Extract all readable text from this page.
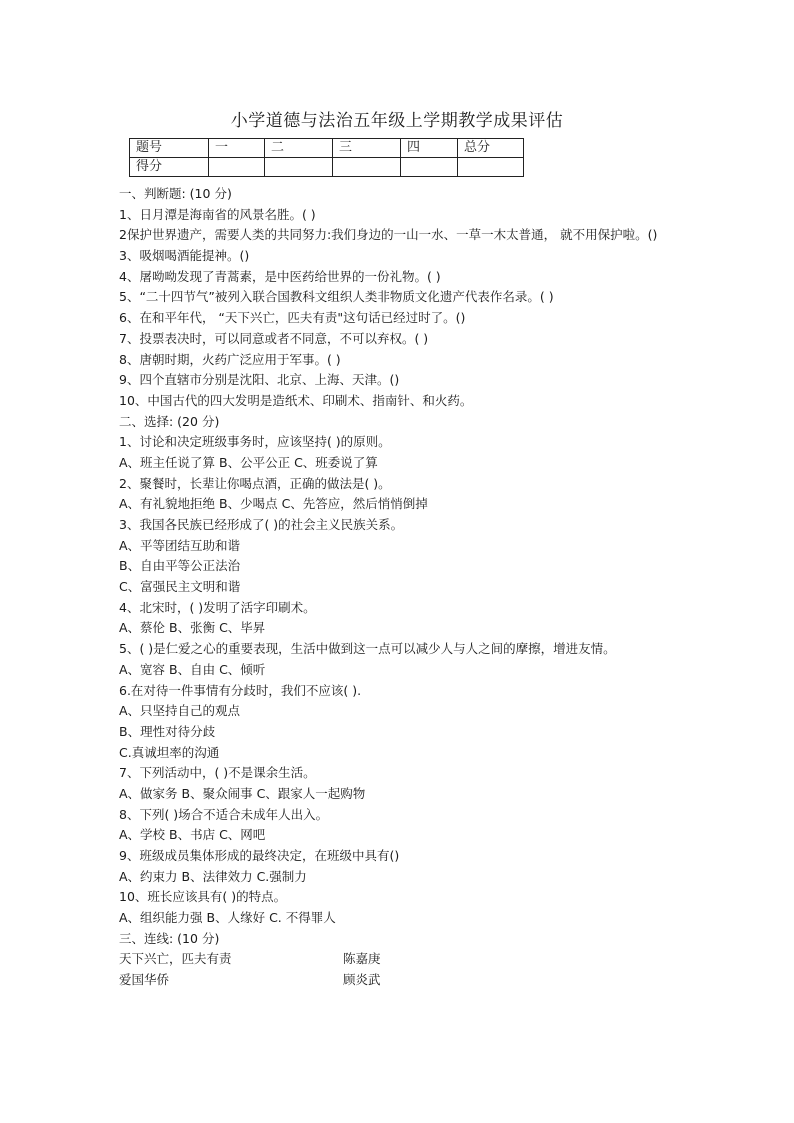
小学道德与法治五年级上学期教学成果评估
题号	一	二	三	四	总分
得分					
一、判断题: (10 分)
1、日月潭是海南省的风景名胜。( )
2保护世界遗产，需要人类的共同努力:我们身边的一山一水、一草一木太普通， 就不用保护啦。()
3、吸烟喝酒能提神。()
4、屠呦呦发现了青蒿素，是中医药给世界的一份礼物。( )
5、“二十四节气”被列入联合国教科文组织人类非物质文化遗产代表作名录。( )
6、在和平年代， “天下兴亡，匹夫有责"这句话已经过时了。()
7、投票表决时，可以同意或者不同意，不可以弃权。( )
8、唐朝时期，火药广泛应用于军事。( )
9、四个直辖市分别是沈阳、北京、上海、天津。()
10、中国古代的四大发明是造纸术、印刷术、指南针、和火药。
二、选择: (20 分)
1、讨论和决定班级事务时，应该坚持( )的原则。
A、班主任说了算 B、公平公正 C、班委说了算
2、聚餐时，长辈让你喝点酒，正确的做法是( )。
A、有礼貌地拒绝 B、少喝点 C、先答应，然后悄悄倒掉
3、我国各民族已经形成了( )的社会主义民族关系。
A、平等团结互助和谐
B、自由平等公正法治
C、富强民主文明和谐
4、北宋时，( )发明了活字印刷术。
A、蔡伦 B、张衡 C、毕昇
5、( )是仁爱之心的重要表现，生活中做到这一点可以减少人与人之间的摩擦，增进友情。
A、宽容 B、自由 C、倾听
6.在对待一件事情有分歧时，我们不应该( ).
A、只坚持自己的观点
B、理性对待分歧
C.真诚坦率的沟通
7、下列活动中，( )不是课余生活。
A、做家务 B、聚众闹事 C、跟家人一起购物
8、下列( )场合不适合未成年人出入。
A、学校 B、书店 C、网吧
9、班级成员集体形成的最终决定，在班级中具有()
A、约束力 B、法律效力 C.强制力
10、班长应该具有( )的特点。
A、组织能力强 B、人缘好 C. 不得罪人
三、连线: (10 分)
天下兴亡，匹夫有责	陈嘉庚
爱国华侨	顾炎武
